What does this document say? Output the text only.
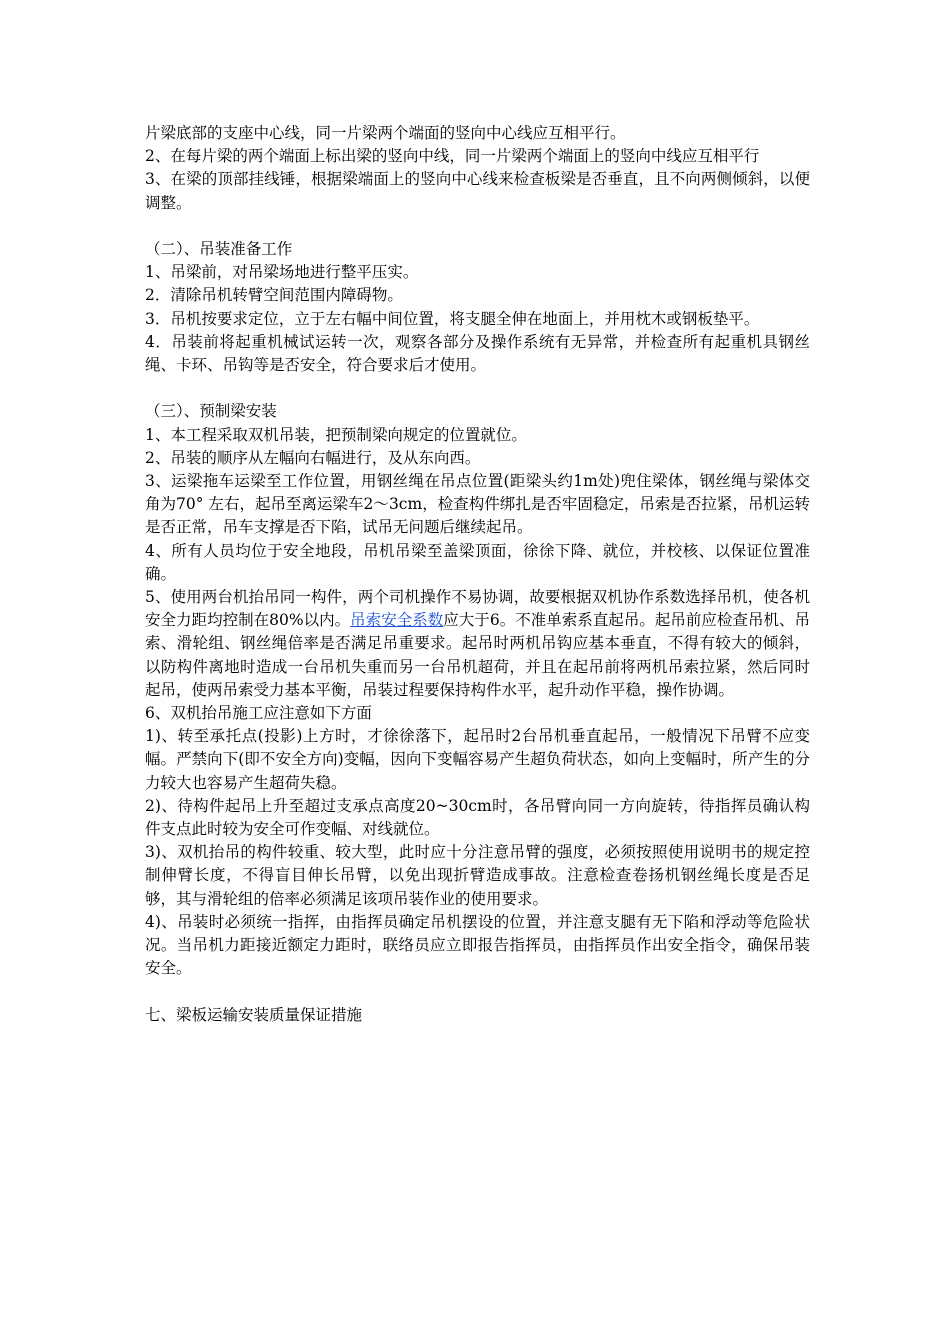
片梁底部的支座中心线，同一片梁两个端面的竖向中心线应互相平行。

2、在每片梁的两个端面上标出梁的竖向中线，同一片梁两个端面上的竖向中线应互相平行

3、在梁的顶部挂线锤，根据梁端面上的竖向中心线来检查板梁是否垂直，且不向两侧倾斜，以便调整。

（二）、吊装准备工作

1、吊梁前，对吊梁场地进行整平压实。

2．清除吊机转臂空间范围内障碍物。

3．吊机按要求定位，立于左右幅中间位置，将支腿全伸在地面上，并用枕木或钢板垫平。

4．吊装前将起重机械试运转一次，观察各部分及操作系统有无异常，并检查所有起重机具钢丝绳、卡环、吊钩等是否安全，符合要求后才使用。

（三）、预制梁安装

1、本工程采取双机吊装，把预制梁向规定的位置就位。

2、吊装的顺序从左幅向右幅进行，及从东向西。

3、运梁拖车运梁至工作位置，用钢丝绳在吊点位置(距梁头约1m处)兜住梁体，钢丝绳与梁体交角为70° 左右，起吊至离运梁车2～3cm，检查构件绑扎是否牢固稳定，吊索是否拉紧，吊机运转是否正常，吊车支撑是否下陷，试吊无问题后继续起吊。

4、所有人员均位于安全地段，吊机吊梁至盖梁顶面，徐徐下降、就位，并校核、以保证位置准确。

5、使用两台机抬吊同一构件，两个司机操作不易协调，故要根据双机协作系数选择吊机，使各机安全力距均控制在80%以内。吊索安全系数应大于6。不准单索系直起吊。起吊前应检查吊机、吊索、滑轮组、钢丝绳倍率是否满足吊重要求。起吊时两机吊钩应基本垂直，不得有较大的倾斜，以防构件离地时造成一台吊机失重而另一台吊机超荷，并且在起吊前将两机吊索拉紧，然后同时起吊，使两吊索受力基本平衡，吊装过程要保持构件水平，起升动作平稳，操作协调。

6、双机抬吊施工应注意如下方面

1)、转至承托点(投影)上方时，才徐徐落下，起吊时2台吊机垂直起吊，一般情况下吊臂不应变幅。严禁向下(即不安全方向)变幅，因向下变幅容易产生超负荷状态，如向上变幅时，所产生的分力较大也容易产生超荷失稳。

2)、待构件起吊上升至超过支承点高度20~30cm时，各吊臂向同一方向旋转，待指挥员确认构件支点此时较为安全可作变幅、对线就位。

3)、双机抬吊的构件较重、较大型，此时应十分注意吊臂的强度，必须按照使用说明书的规定控制伸臂长度，不得盲目伸长吊臂，以免出现折臂造成事故。注意检查卷扬机钢丝绳长度是否足够，其与滑轮组的倍率必须满足该项吊装作业的使用要求。

4)、吊装时必须统一指挥，由指挥员确定吊机摆设的位置，并注意支腿有无下陷和浮动等危险状况。当吊机力距接近额定力距时，联络员应立即报告指挥员，由指挥员作出安全指令，确保吊装安全。

七、梁板运输安装质量保证措施
